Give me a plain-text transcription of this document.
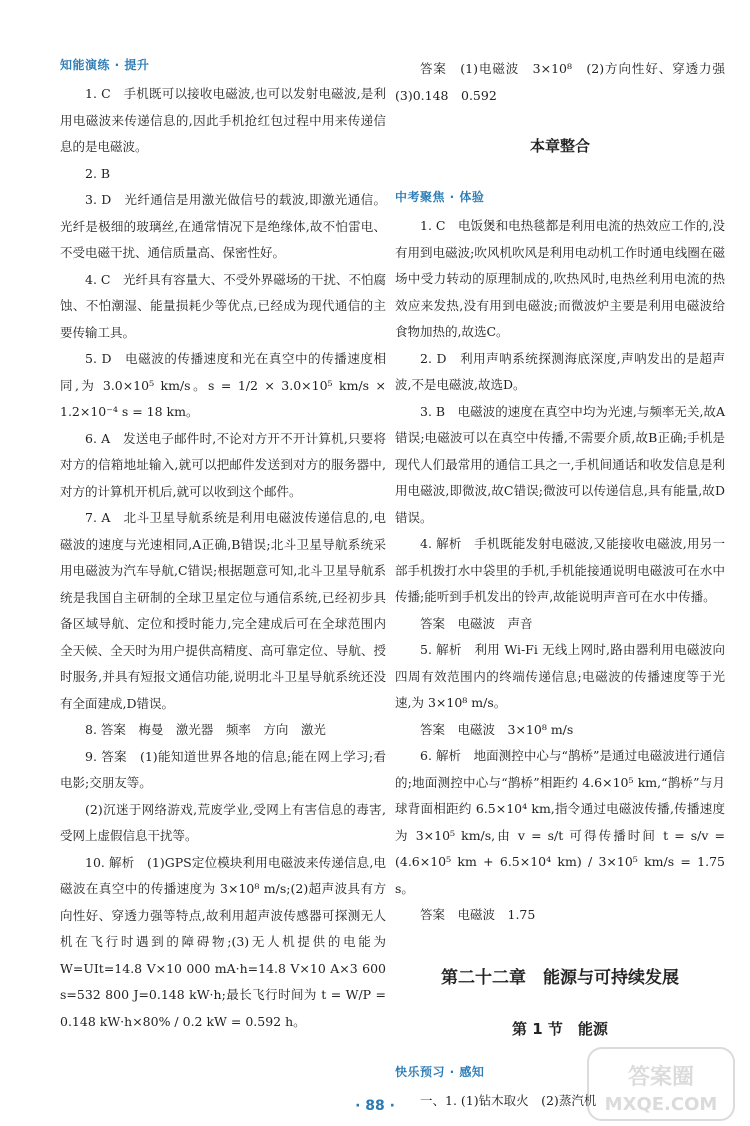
知能演练 · 提升

1. C　手机既可以接收电磁波,也可以发射电磁波,是利用电磁波来传递信息的,因此手机抢红包过程中用来传递信息的是电磁波。

2. B

3. D　光纤通信是用激光做信号的载波,即激光通信。光纤是极细的玻璃丝,在通常情况下是绝缘体,故不怕雷电、不受电磁干扰、通信质量高、保密性好。

4. C　光纤具有容量大、不受外界磁场的干扰、不怕腐蚀、不怕潮湿、能量损耗少等优点,已经成为现代通信的主要传输工具。

5. D　电磁波的传播速度和光在真空中的传播速度相同,为 3.0×10⁵ km/s。s = 1/2 × 3.0×10⁵ km/s × 1.2×10⁻⁴ s = 18 km。

6. A　发送电子邮件时,不论对方开不开计算机,只要将对方的信箱地址输入,就可以把邮件发送到对方的服务器中,对方的计算机开机后,就可以收到这个邮件。

7. A　北斗卫星导航系统是利用电磁波传递信息的,电磁波的速度与光速相同,A正确,B错误;北斗卫星导航系统采用电磁波为汽车导航,C错误;根据题意可知,北斗卫星导航系统是我国自主研制的全球卫星定位与通信系统,已经初步具备区域导航、定位和授时能力,完全建成后可在全球范围内全天候、全天时为用户提供高精度、高可靠定位、导航、授时服务,并具有短报文通信功能,说明北斗卫星导航系统还没有全面建成,D错误。

8. 答案　梅曼　激光器　频率　方向　激光

9. 答案　(1)能知道世界各地的信息;能在网上学习;看电影;交朋友等。

(2)沉迷于网络游戏,荒废学业,受网上有害信息的毒害,受网上虚假信息干扰等。

10. 解析　(1)GPS定位模块利用电磁波来传递信息,电磁波在真空中的传播速度为 3×10⁸ m/s;(2)超声波具有方向性好、穿透力强等特点,故利用超声波传感器可探测无人机在飞行时遇到的障碍物;(3)无人机提供的电能为 W=UIt=14.8 V×10 000 mA·h=14.8 V×10 A×3 600 s=532 800 J=0.148 kW·h;最长飞行时间为 t = W/P = 0.148 kW·h×80% / 0.2 kW = 0.592 h。

答案　(1)电磁波　3×10⁸　(2)方向性好、穿透力强　(3)0.148　0.592

本章整合
中考聚焦 · 体验

1. C　电饭煲和电热毯都是利用电流的热效应工作的,没有用到电磁波;吹风机吹风是利用电动机工作时通电线圈在磁场中受力转动的原理制成的,吹热风时,电热丝利用电流的热效应来发热,没有用到电磁波;而微波炉主要是利用电磁波给食物加热的,故选C。

2. D　利用声呐系统探测海底深度,声呐发出的是超声波,不是电磁波,故选D。

3. B　电磁波的速度在真空中均为光速,与频率无关,故A错误;电磁波可以在真空中传播,不需要介质,故B正确;手机是现代人们最常用的通信工具之一,手机间通话和收发信息是利用电磁波,即微波,故C错误;微波可以传递信息,具有能量,故D错误。

4. 解析　手机既能发射电磁波,又能接收电磁波,用另一部手机拨打水中袋里的手机,手机能接通说明电磁波可在水中传播;能听到手机发出的铃声,故能说明声音可在水中传播。

答案　电磁波　声音

5. 解析　利用 Wi-Fi 无线上网时,路由器利用电磁波向四周有效范围内的终端传递信息;电磁波的传播速度等于光速,为 3×10⁸ m/s。

答案　电磁波　3×10⁸ m/s

6. 解析　地面测控中心与“鹊桥”是通过电磁波进行通信的;地面测控中心与“鹊桥”相距约 4.6×10⁵ km,“鹊桥”与月球背面相距约 6.5×10⁴ km,指令通过电磁波传播,传播速度为 3×10⁵ km/s,由 v = s/t 可得传播时间 t = s/v = (4.6×10⁵ km + 6.5×10⁴ km) / 3×10⁵ km/s = 1.75 s。

答案　电磁波　1.75

第二十二章　能源与可持续发展
第 1 节　能源
快乐预习 · 感知

一、1. (1)钻木取火　(2)蒸汽机

· 88 ·
答案圈
MXQE.COM
